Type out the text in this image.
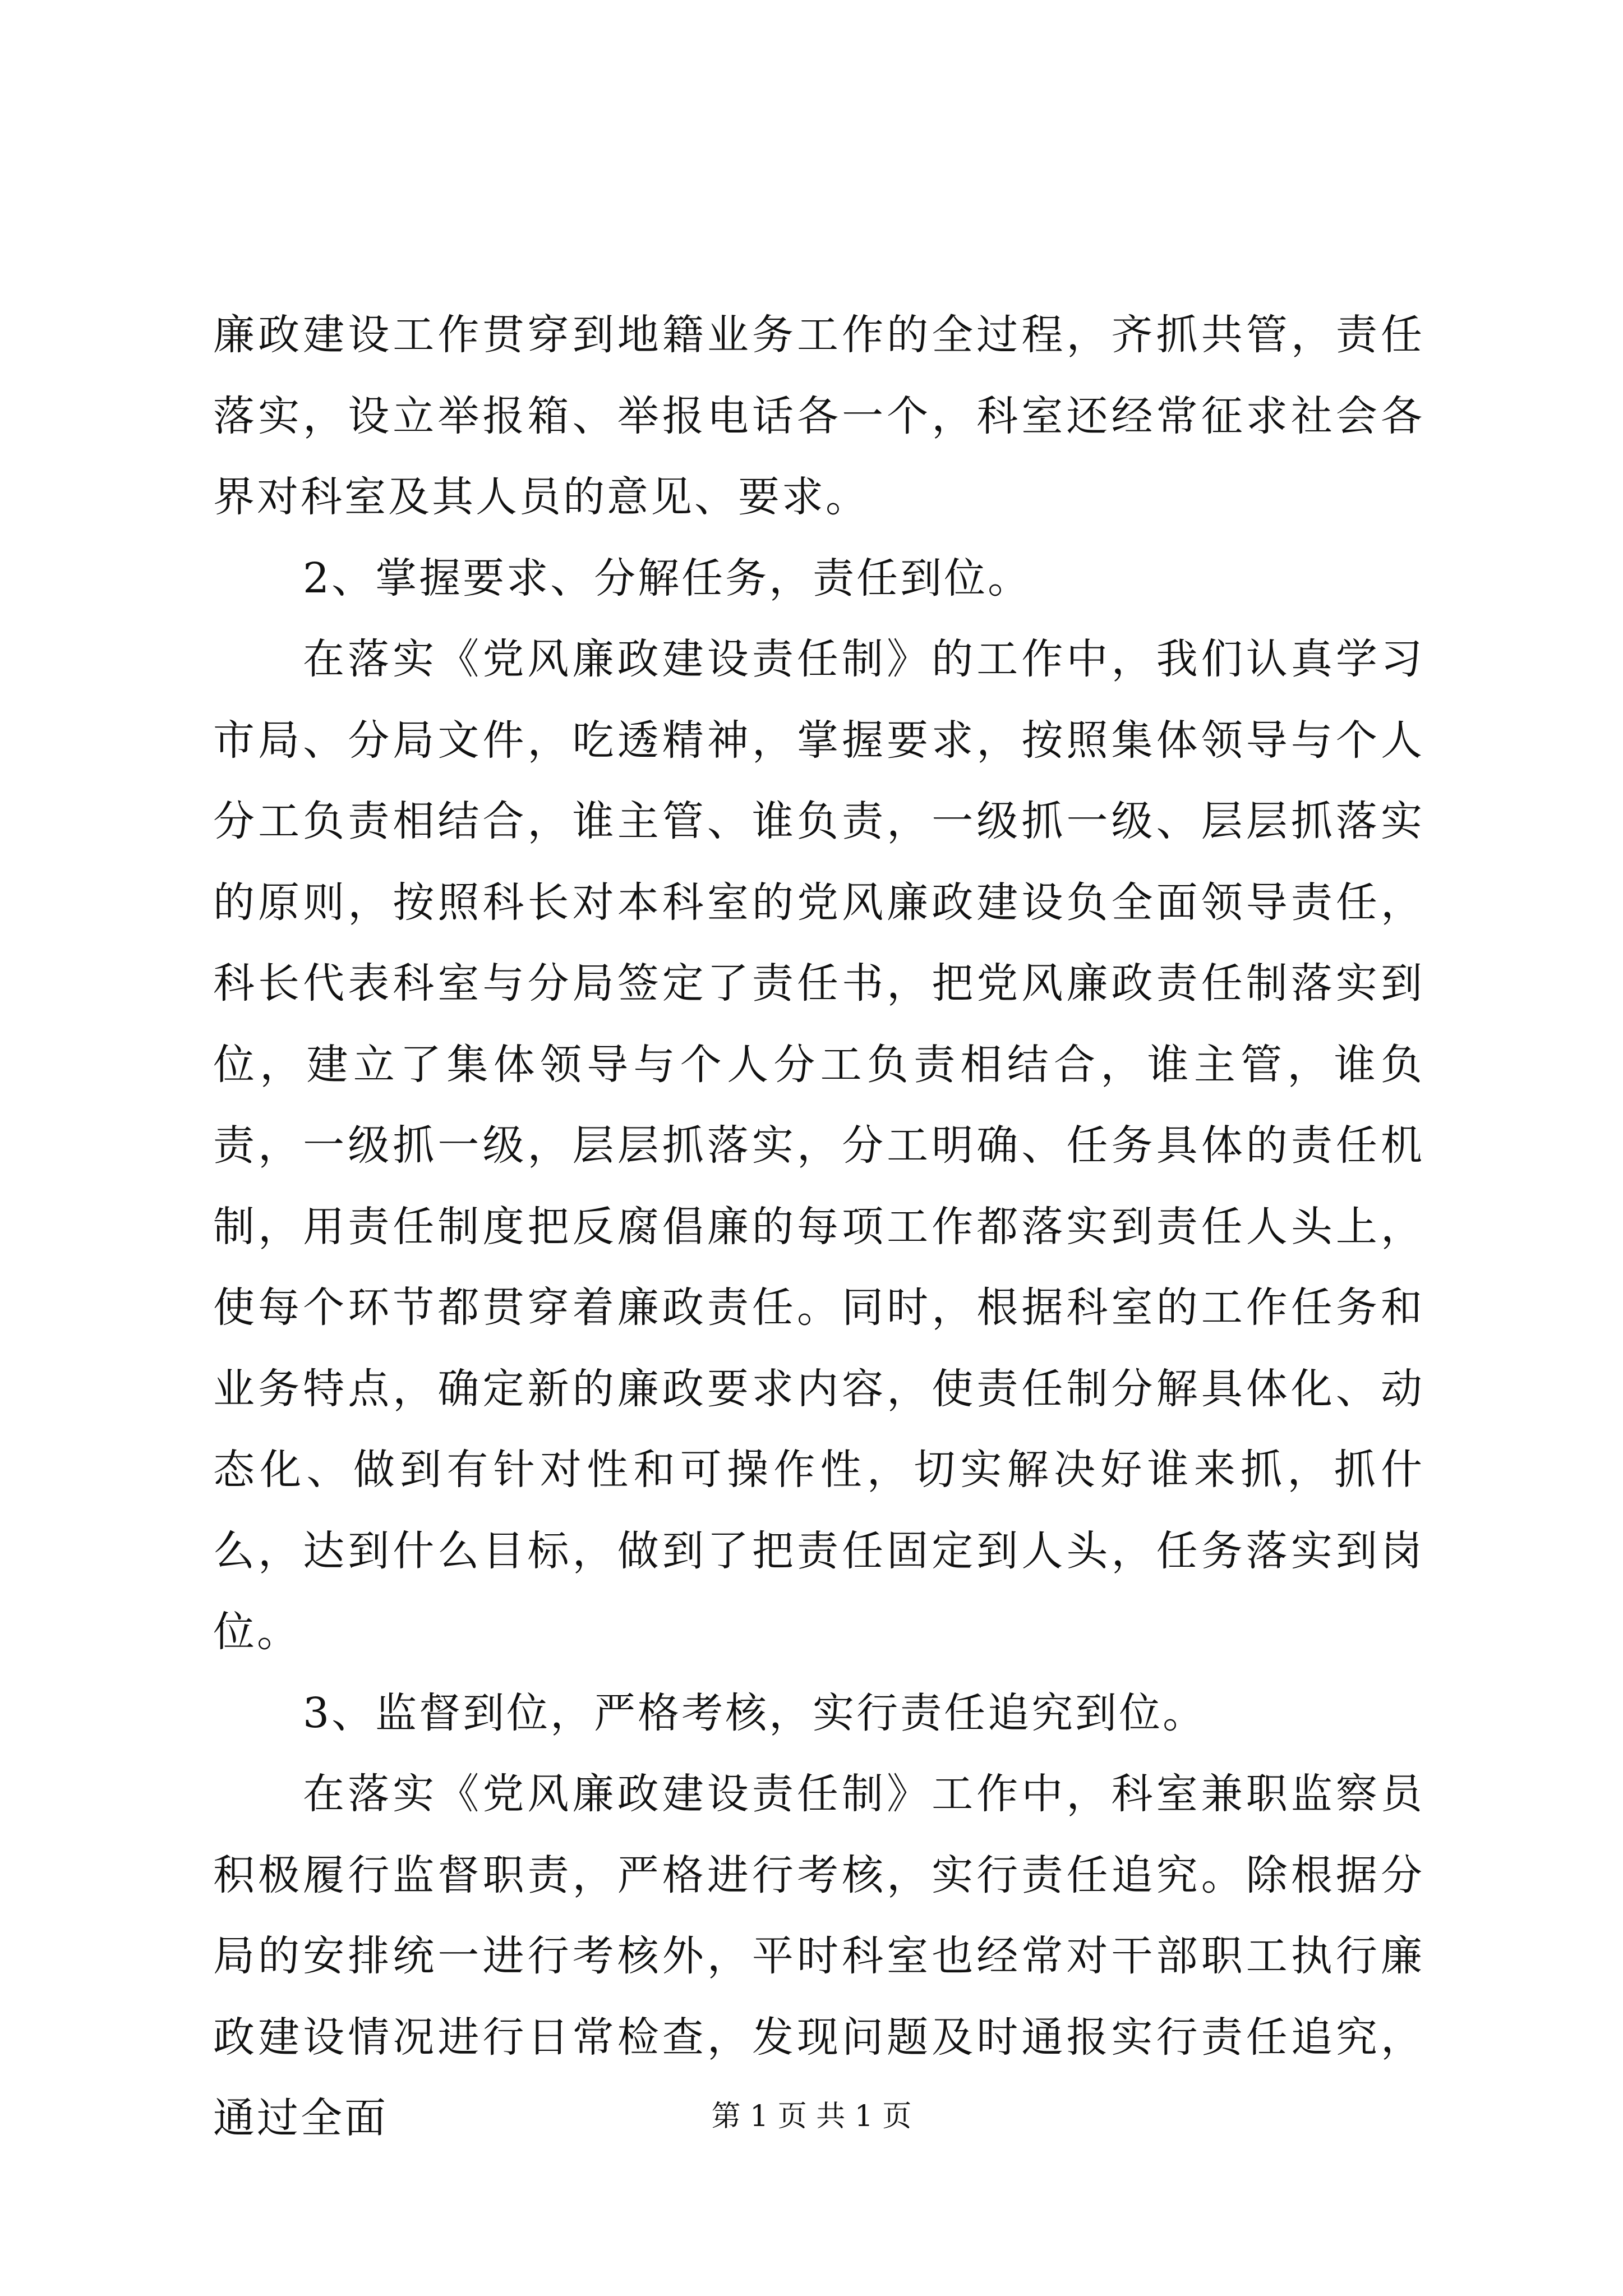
廉政建设工作贯穿到地籍业务工作的全过程，齐抓共管，责任落实，设立举报箱、举报电话各一个，科室还经常征求社会各界对科室及其人员的意见、要求。

2、掌握要求、分解任务，责任到位。

在落实《党风廉政建设责任制》的工作中，我们认真学习市局、分局文件，吃透精神，掌握要求，按照集体领导与个人分工负责相结合，谁主管、谁负责，一级抓一级、层层抓落实的原则，按照科长对本科室的党风廉政建设负全面领导责任，科长代表科室与分局签定了责任书，把党风廉政责任制落实到位，建立了集体领导与个人分工负责相结合，谁主管，谁负责，一级抓一级，层层抓落实，分工明确、任务具体的责任机制，用责任制度把反腐倡廉的每项工作都落实到责任人头上，使每个环节都贯穿着廉政责任。同时，根据科室的工作任务和业务特点，确定新的廉政要求内容，使责任制分解具体化、动态化、做到有针对性和可操作性，切实解决好谁来抓，抓什么，达到什么目标，做到了把责任固定到人头，任务落实到岗位。

3、监督到位，严格考核，实行责任追究到位。

在落实《党风廉政建设责任制》工作中，科室兼职监察员积极履行监督职责，严格进行考核，实行责任追究。除根据分局的安排统一进行考核外，平时科室也经常对干部职工执行廉政建设情况进行日常检查，发现问题及时通报实行责任追究，通过全面	第 1 页 共 1 页
